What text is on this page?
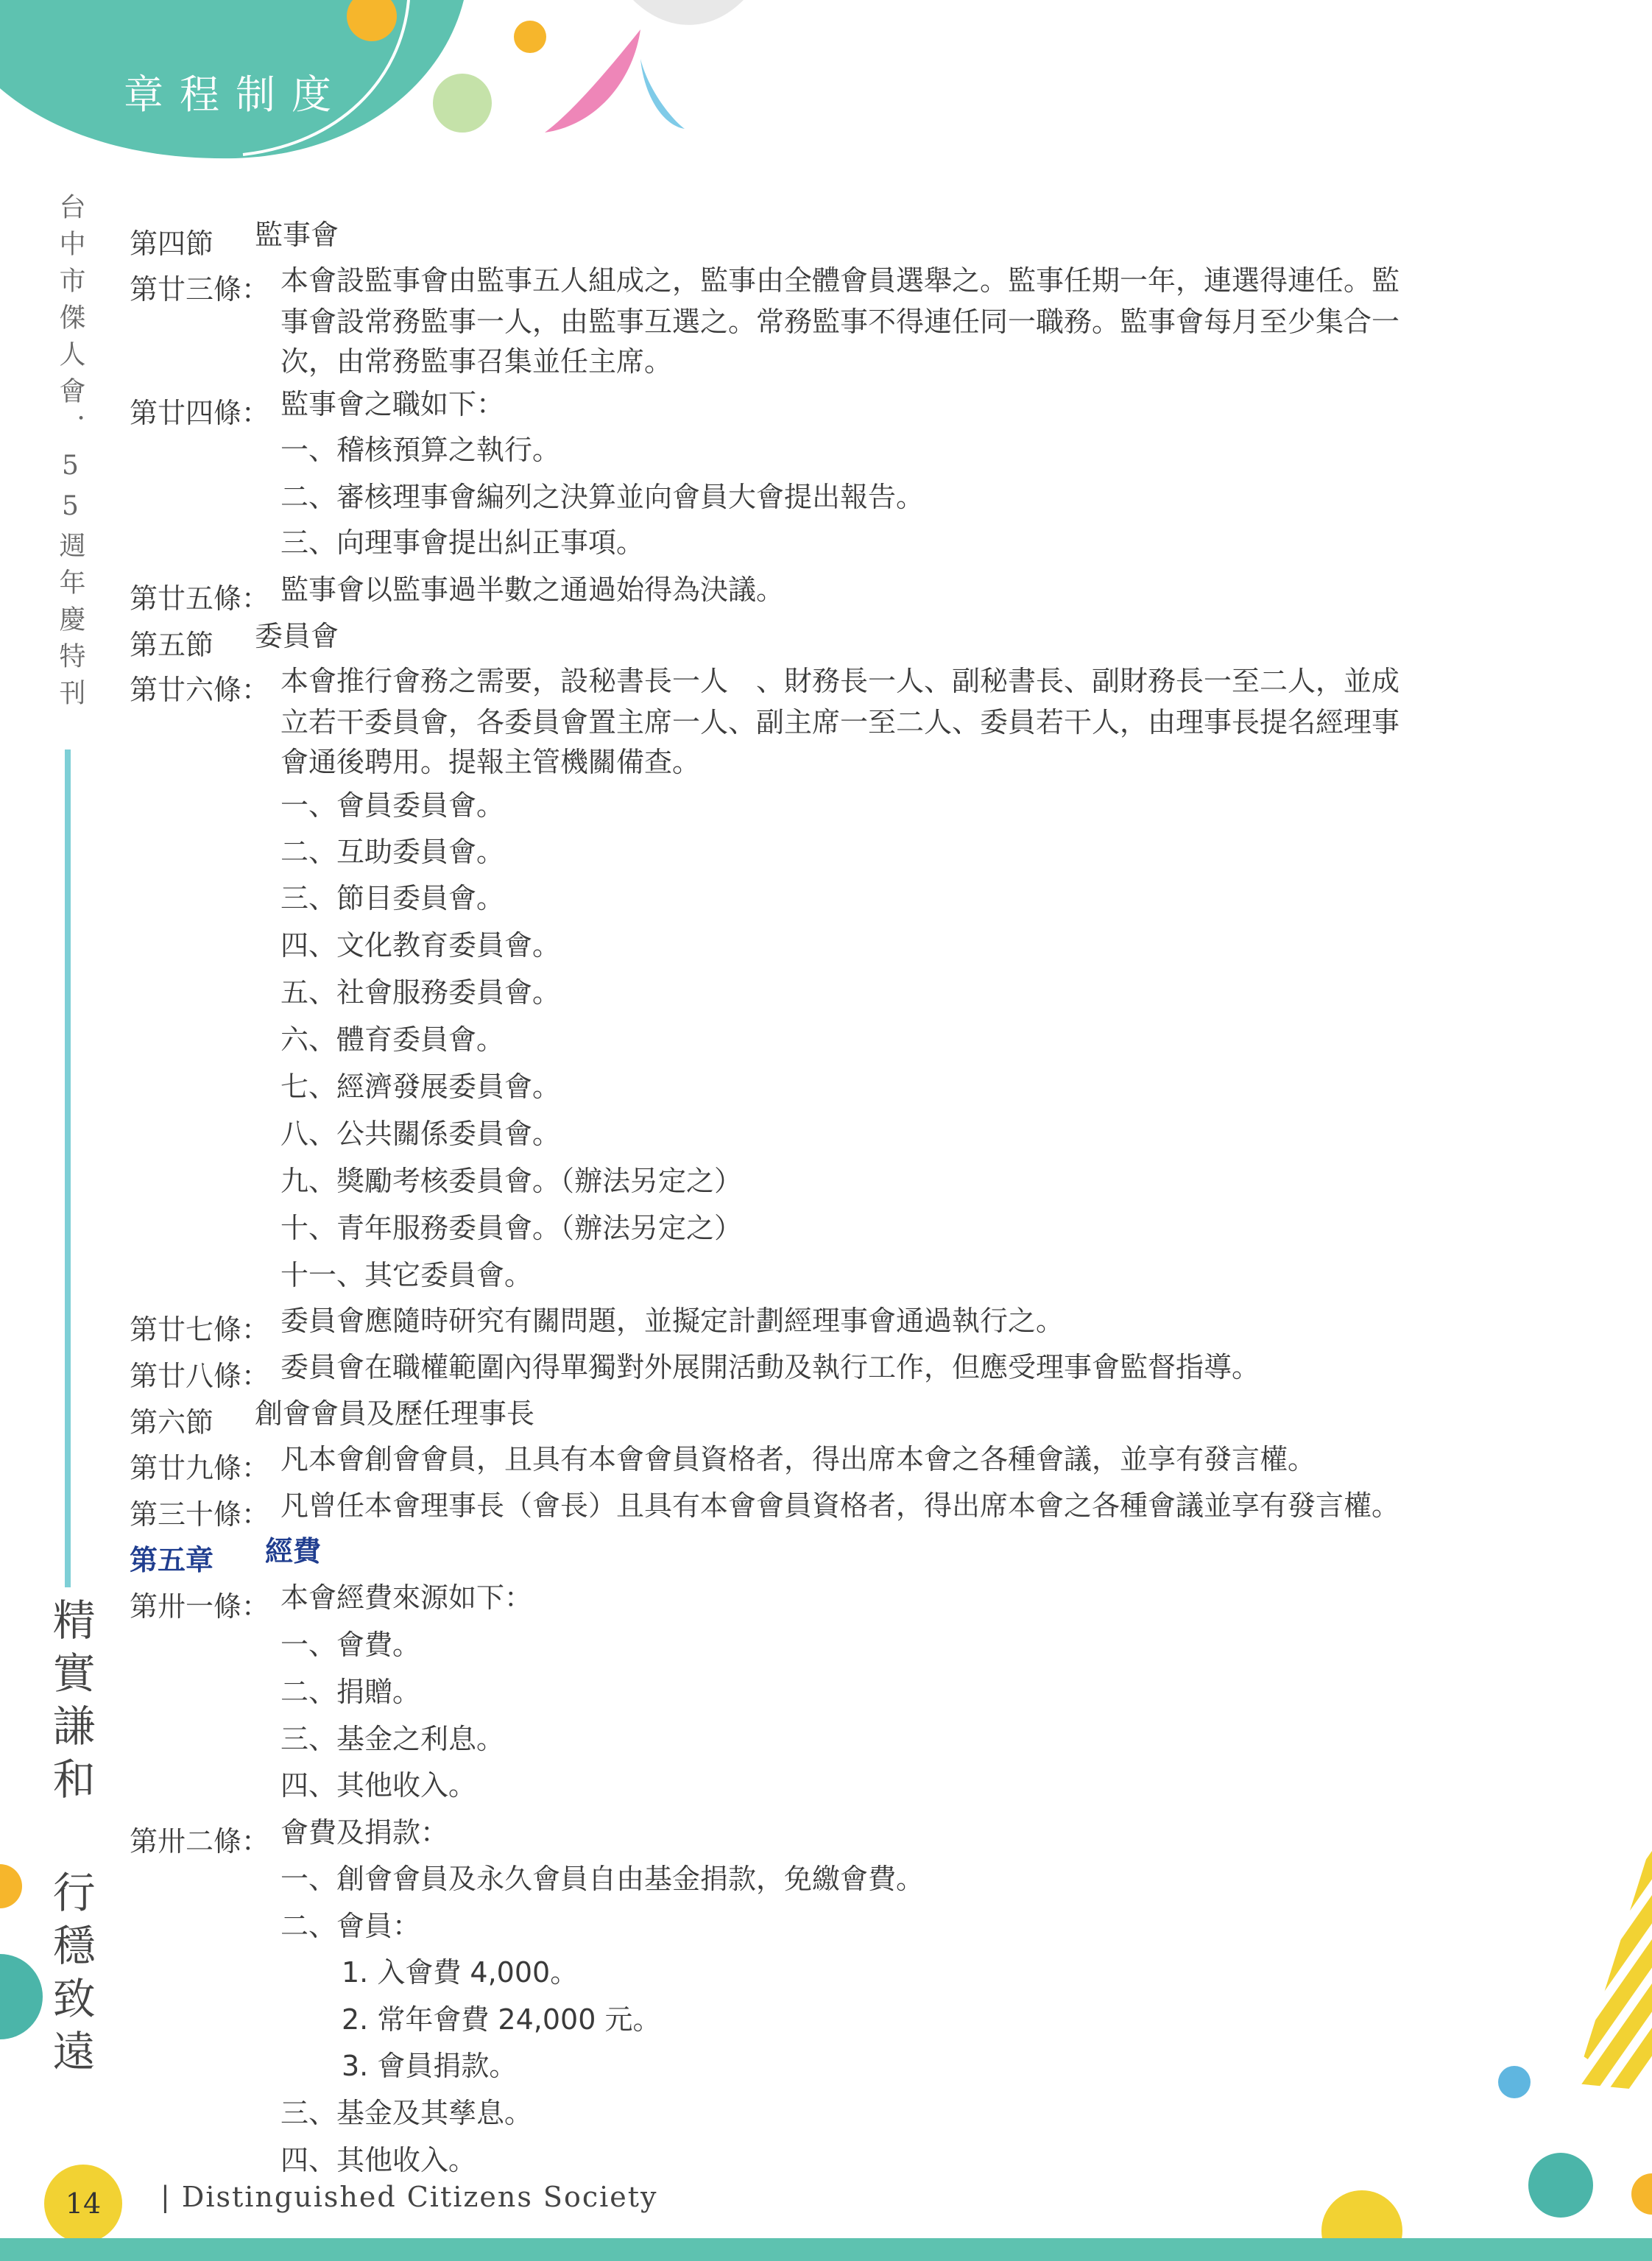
章程制度
台中市傑人會．55週年慶特刊
精實謙和 行穩致遠
第四節 監事會
第廿三條： 本會設監事會由監事五人組成之，監事由全體會員選舉之。監事任期一年，連選得連任。監
事會設常務監事一人，由監事互選之。常務監事不得連任同一職務。監事會每月至少集合一
次，由常務監事召集並任主席。
第廿四條： 監事會之職如下：
一、稽核預算之執行。
二、審核理事會編列之決算並向會員大會提出報告。
三、向理事會提出糾正事項。
第廿五條： 監事會以監事過半數之通過始得為決議。
第五節 委員會
第廿六條： 本會推行會務之需要，設秘書長一人　、財務長一人、副秘書長、副財務長一至二人，並成
立若干委員會，各委員會置主席一人、副主席一至二人、委員若干人，由理事長提名經理事
會通後聘用。提報主管機關備查。
一、會員委員會。
二、互助委員會。
三、節目委員會。
四、文化教育委員會。
五、社會服務委員會。
六、體育委員會。
七、經濟發展委員會。
八、公共關係委員會。
九、獎勵考核委員會。（辦法另定之）
十、青年服務委員會。（辦法另定之）
十一、其它委員會。
第廿七條： 委員會應隨時研究有關問題，並擬定計劃經理事會通過執行之。
第廿八條： 委員會在職權範圍內得單獨對外展開活動及執行工作，但應受理事會監督指導。
第六節 創會會員及歷任理事長
第廿九條： 凡本會創會會員，且具有本會會員資格者，得出席本會之各種會議，並享有發言權。
第三十條： 凡曾任本會理事長（會長）且具有本會會員資格者，得出席本會之各種會議並享有發言權。
第五章 經費
第卅一條： 本會經費來源如下：
一、會費。
二、捐贈。
三、基金之利息。
四、其他收入。
第卅二條： 會費及捐款：
一、創會會員及永久會員自由基金捐款，免繳會費。
二、會員：
1. 入會費 4,000。
2. 常年會費 24,000 元。
3. 會員捐款。
三、基金及其孳息。
四、其他收入。
14 | Distinguished Citizens Society
